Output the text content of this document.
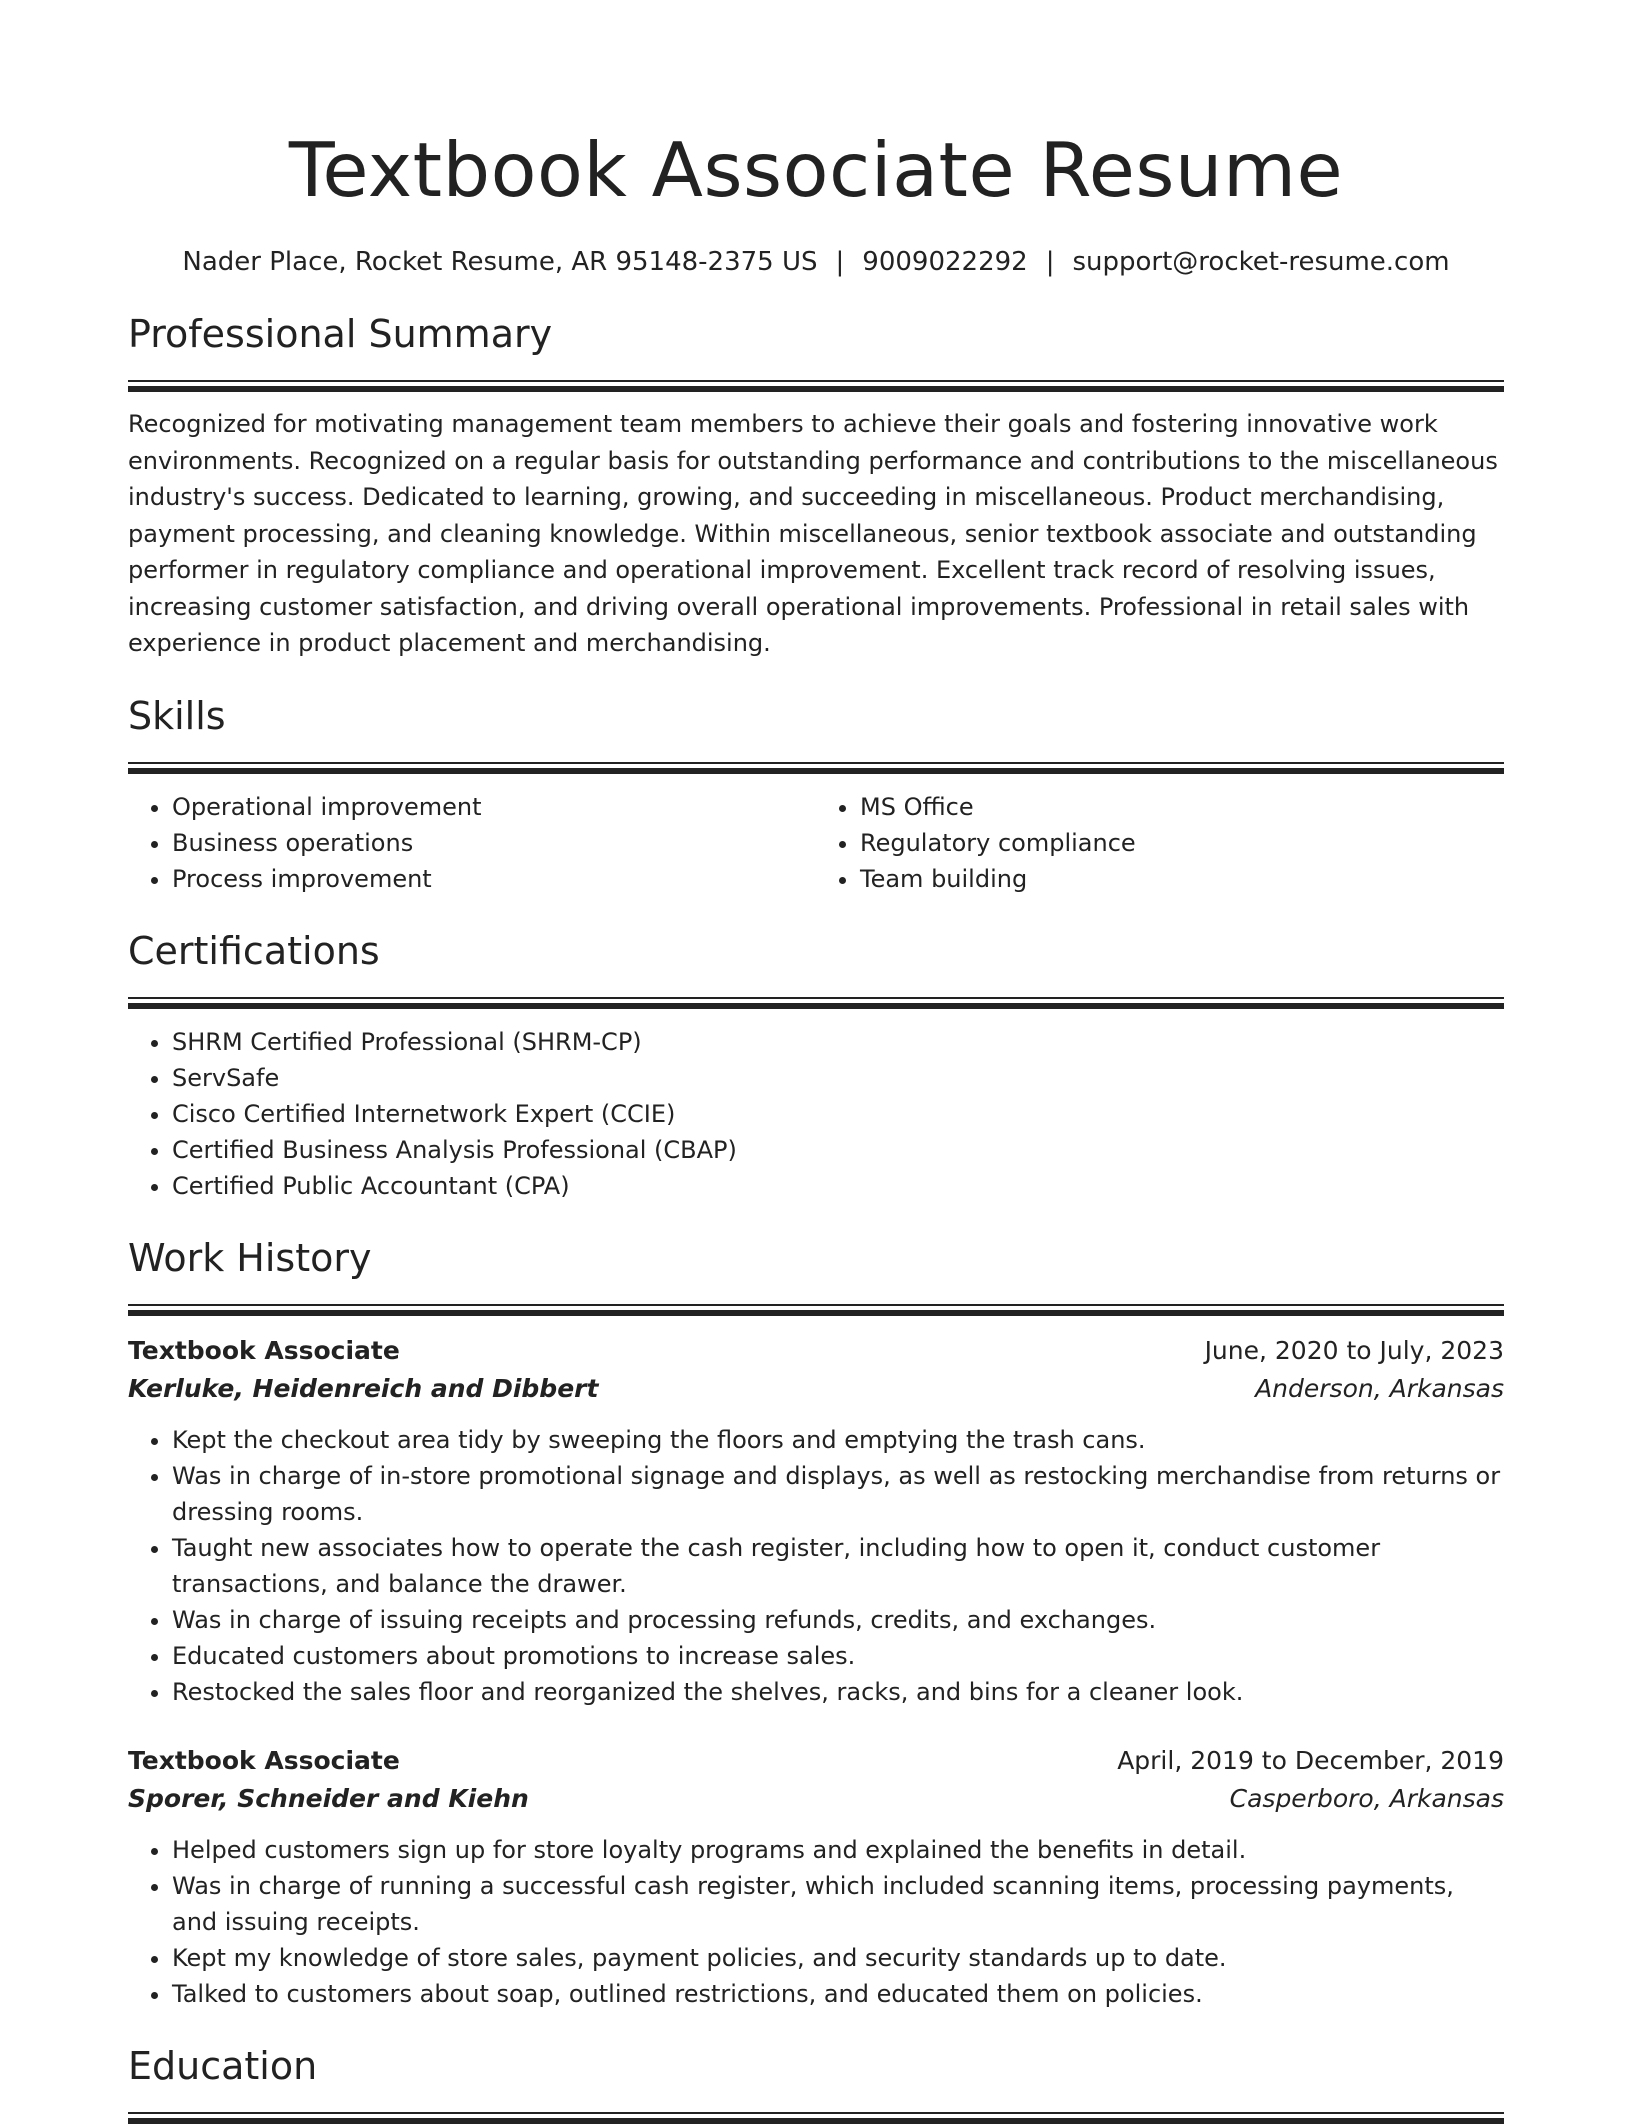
Textbook Associate Resume
Nader Place, Rocket Resume, AR 95148-2375 US | 9009022292 | support@rocket-resume.com
Professional Summary
Recognized for motivating management team members to achieve their goals and fostering innovative work environments. Recognized on a regular basis for outstanding performance and contributions to the miscellaneous industry's success. Dedicated to learning, growing, and succeeding in miscellaneous. Product merchandising, payment processing, and cleaning knowledge. Within miscellaneous, senior textbook associate and outstanding performer in regulatory compliance and operational improvement. Excellent track record of resolving issues, increasing customer satisfaction, and driving overall operational improvements. Professional in retail sales with experience in product placement and merchandising.
Skills
• Operational improvement
• Business operations
• Process improvement
• MS Office
• Regulatory compliance
• Team building
Certifications
• SHRM Certified Professional (SHRM-CP)
• ServSafe
• Cisco Certified Internetwork Expert (CCIE)
• Certified Business Analysis Professional (CBAP)
• Certified Public Accountant (CPA)
Work History
Textbook Associate	June, 2020 to July, 2023
Kerluke, Heidenreich and Dibbert	Anderson, Arkansas
• Kept the checkout area tidy by sweeping the floors and emptying the trash cans.
• Was in charge of in-store promotional signage and displays, as well as restocking merchandise from returns or dressing rooms.
• Taught new associates how to operate the cash register, including how to open it, conduct customer transactions, and balance the drawer.
• Was in charge of issuing receipts and processing refunds, credits, and exchanges.
• Educated customers about promotions to increase sales.
• Restocked the sales floor and reorganized the shelves, racks, and bins for a cleaner look.
Textbook Associate	April, 2019 to December, 2019
Sporer, Schneider and Kiehn	Casperboro, Arkansas
• Helped customers sign up for store loyalty programs and explained the benefits in detail.
• Was in charge of running a successful cash register, which included scanning items, processing payments, and issuing receipts.
• Kept my knowledge of store sales, payment policies, and security standards up to date.
• Talked to customers about soap, outlined restrictions, and educated them on policies.
Education
